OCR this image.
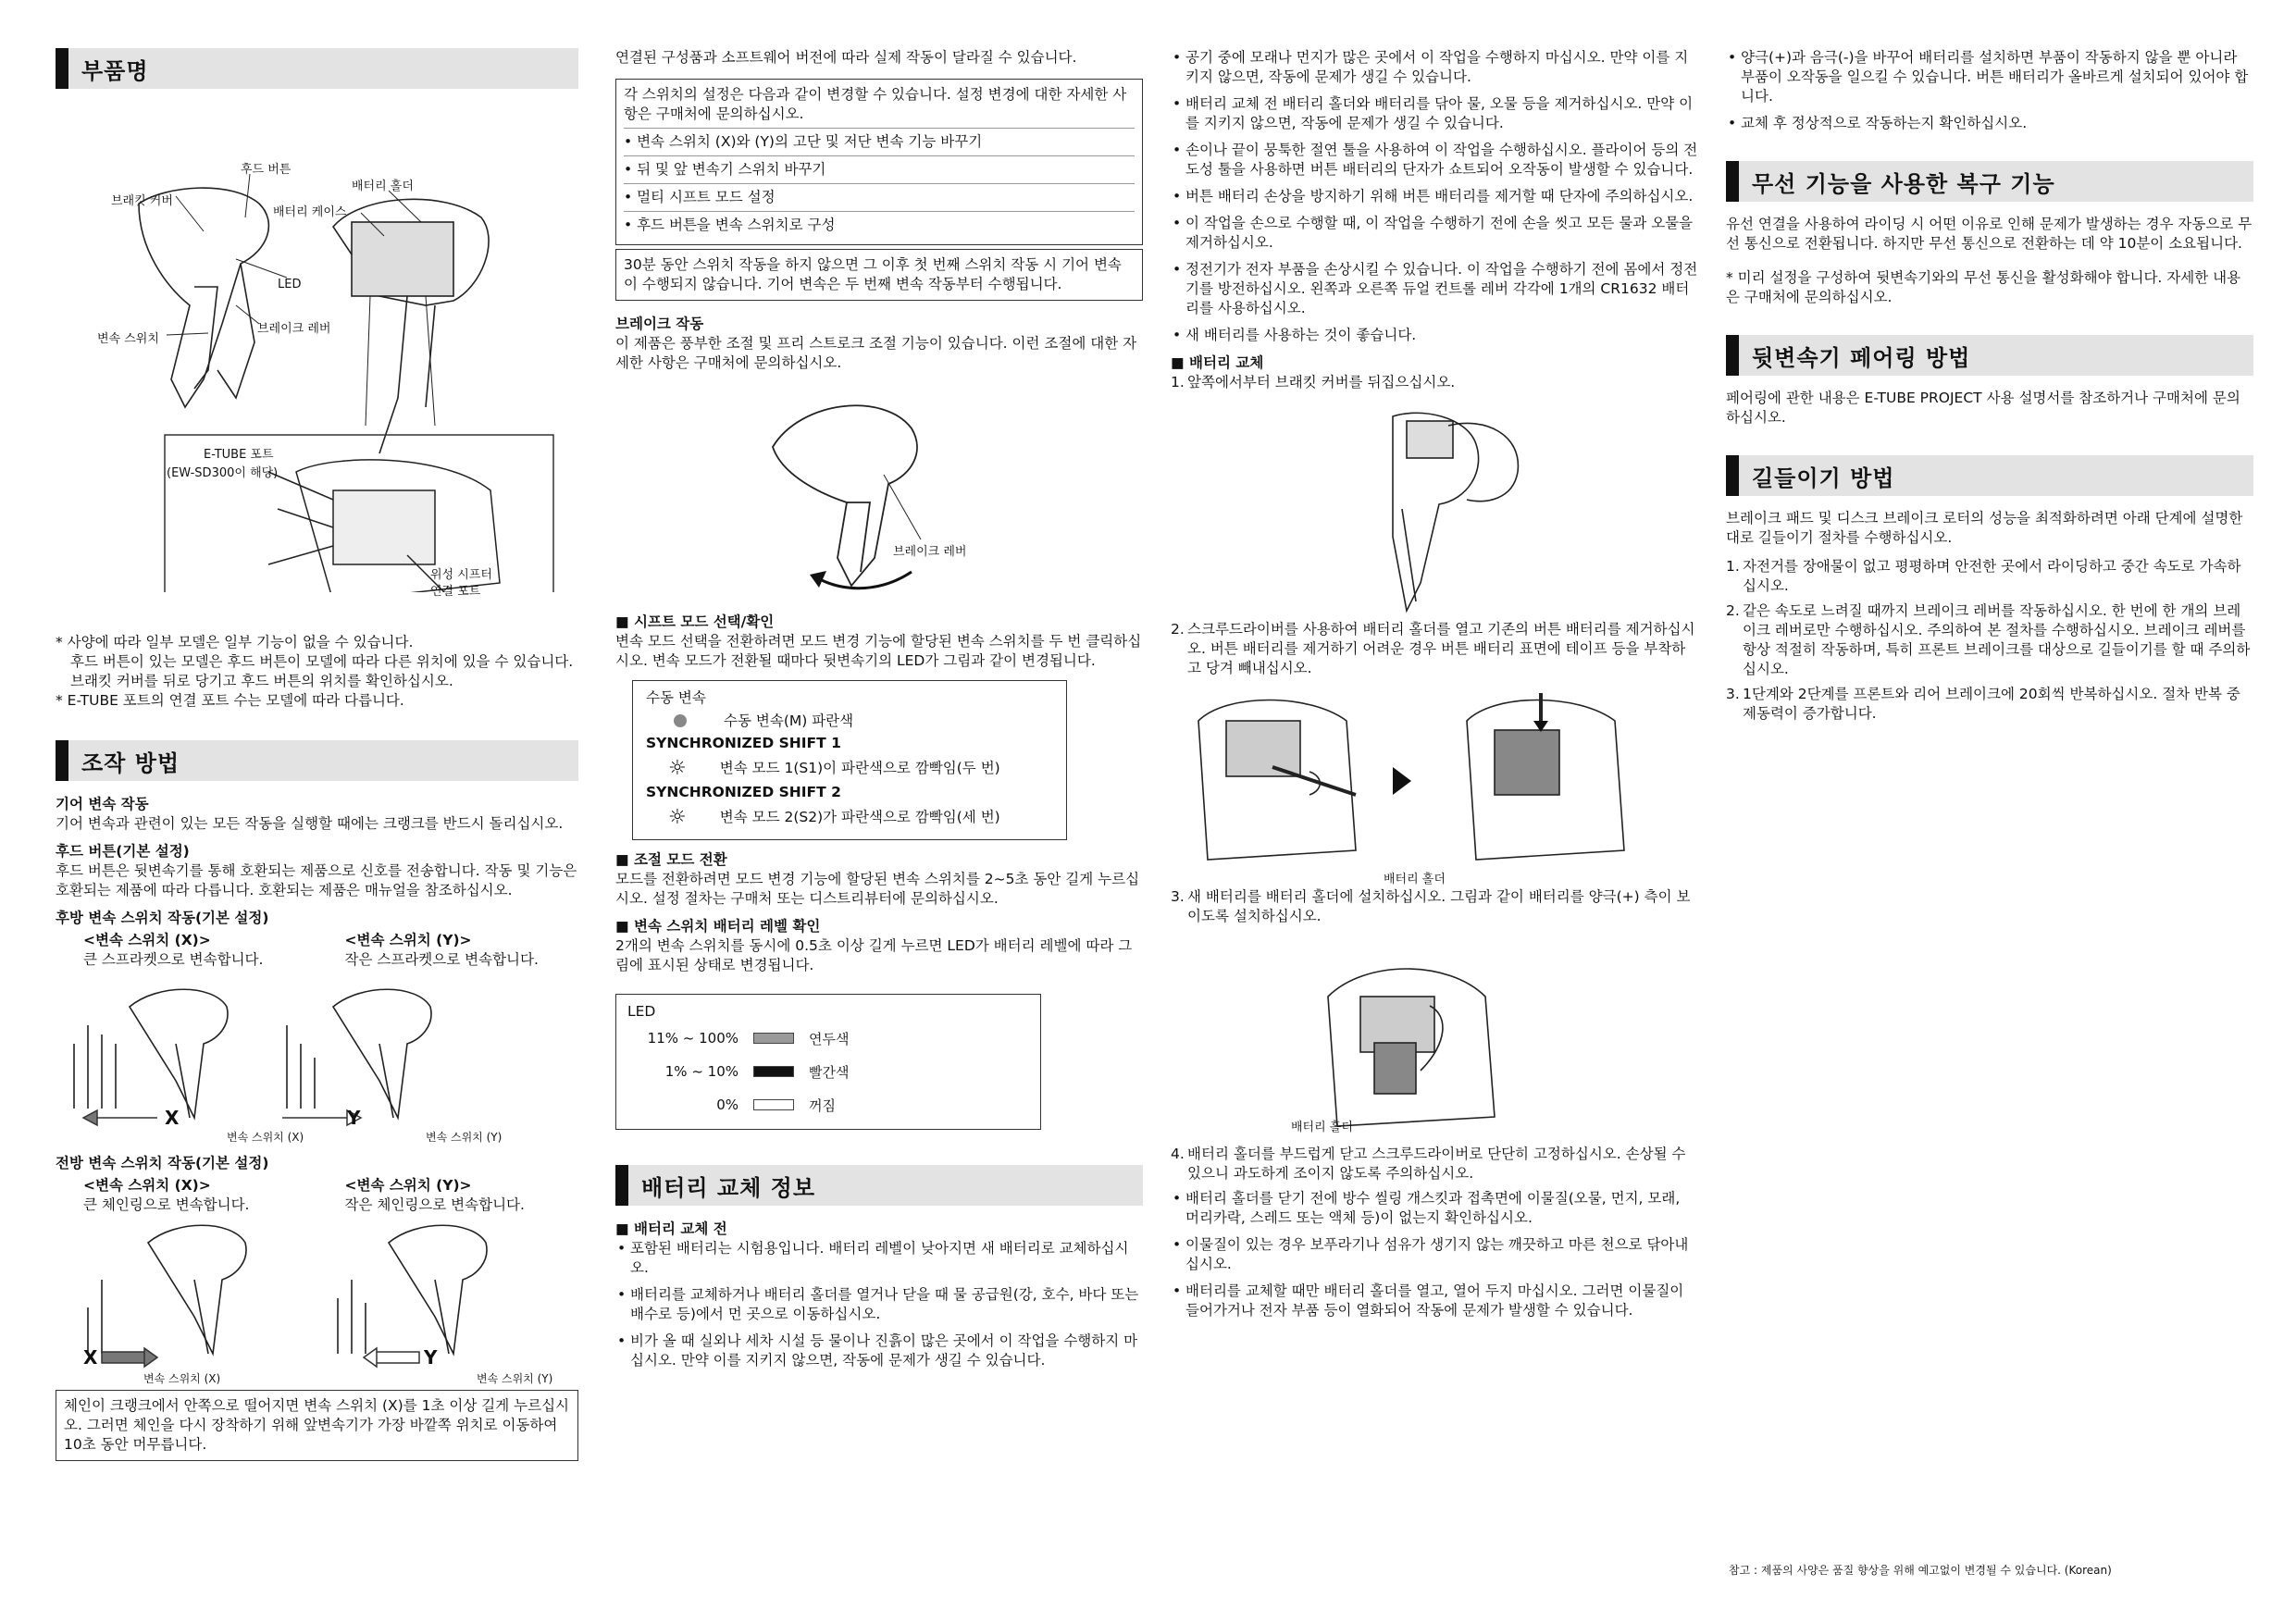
부품명
후드 버튼
배터리 홀더
브래킷 커버
배터리 케이스
LED
브레이크 레버
변속 스위치
E-TUBE 포트
(EW-SD300이 해당)
위성 시프터
연결 포트

* 사양에 따라 일부 모델은 일부 기능이 없을 수 있습니다.

후드 버튼이 있는 모델은 후드 버튼이 모델에 따라 다른 위치에 있을 수 있습니다. 브래킷 커버를 뒤로 당기고 후드 버튼의 위치를 확인하십시오.

* E-TUBE 포트의 연결 포트 수는 모델에 따라 다릅니다.

조작 방법
기어 변속 작동

기어 변속과 관련이 있는 모든 작동을 실행할 때에는 크랭크를 반드시 돌리십시오.

후드 버튼(기본 설정)

후드 버튼은 뒷변속기를 통해 호환되는 제품으로 신호를 전송합니다. 작동 및 기능은 호환되는 제품에 따라 다릅니다. 호환되는 제품은 매뉴얼을 참조하십시오.

후방 변속 스위치 작동(기본 설정)
<변속 스위치 (X)>

큰 스프라켓으로 변속합니다.

<변속 스위치 (Y)>

작은 스프라켓으로 변속합니다.

X	Y
변속 스위치 (X)	변속 스위치 (Y)
전방 변속 스위치 작동(기본 설정)
<변속 스위치 (X)>

큰 체인링으로 변속합니다.

<변속 스위치 (Y)>

작은 체인링으로 변속합니다.

X	Y
변속 스위치 (X)	변속 스위치 (Y)

체인이 크랭크에서 안쪽으로 떨어지면 변속 스위치 (X)를 1초 이상 길게 누르십시오. 그러면 체인을 다시 장착하기 위해 앞변속기가 가장 바깥쪽 위치로 이동하여 10초 동안 머무릅니다.

연결된 구성품과 소프트웨어 버전에 따라 실제 작동이 달라질 수 있습니다.

각 스위치의 설정은 다음과 같이 변경할 수 있습니다. 설정 변경에 대한 자세한 사항은 구매처에 문의하십시오.

• 변속 스위치 (X)와 (Y)의 고단 및 저단 변속 기능 바꾸기

• 뒤 및 앞 변속기 스위치 바꾸기

• 멀티 시프트 모드 설정

• 후드 버튼을 변속 스위치로 구성

30분 동안 스위치 작동을 하지 않으면 그 이후 첫 번째 스위치 작동 시 기어 변속이 수행되지 않습니다. 기어 변속은 두 번째 변속 작동부터 수행됩니다.

브레이크 작동

이 제품은 풍부한 조절 및 프리 스트로크 조절 기능이 있습니다. 이런 조절에 대한 자세한 사항은 구매처에 문의하십시오.

브레이크 레버
■ 시프트 모드 선택/확인

변속 모드 선택을 전환하려면 모드 변경 기능에 할당된 변속 스위치를 두 번 클릭하십시오. 변속 모드가 전환될 때마다 뒷변속기의 LED가 그림과 같이 변경됩니다.

수동 변속

수동 변속(M) 파란색

SYNCHRONIZED SHIFT 1

☼ 변속 모드 1(S1)이 파란색으로 깜빡임(두 번)

SYNCHRONIZED SHIFT 2

☼ 변속 모드 2(S2)가 파란색으로 깜빡임(세 번)

■ 조절 모드 전환

모드를 전환하려면 모드 변경 기능에 할당된 변속 스위치를 2~5초 동안 길게 누르십시오. 설정 절차는 구매처 또는 디스트리뷰터에 문의하십시오.

■ 변속 스위치 배터리 레벨 확인

2개의 변속 스위치를 동시에 0.5초 이상 길게 누르면 LED가 배터리 레벨에 따라 그림에 표시된 상태로 변경됩니다.

LED

11% ~ 100%	연두색
1% ~ 10%	빨간색
0%	꺼짐
배터리 교체 정보
■ 배터리 교체 전
• 포함된 배터리는 시험용입니다. 배터리 레벨이 낮아지면 새 배터리로 교체하십시오.
• 배터리를 교체하거나 배터리 홀더를 열거나 닫을 때 물 공급원(강, 호수, 바다 또는 배수로 등)에서 먼 곳으로 이동하십시오.
• 비가 올 때 실외나 세차 시설 등 물이나 진흙이 많은 곳에서 이 작업을 수행하지 마십시오. 만약 이를 지키지 않으면, 작동에 문제가 생길 수 있습니다.
• 공기 중에 모래나 먼지가 많은 곳에서 이 작업을 수행하지 마십시오. 만약 이를 지키지 않으면, 작동에 문제가 생길 수 있습니다.
• 배터리 교체 전 배터리 홀더와 배터리를 닦아 물, 오물 등을 제거하십시오. 만약 이를 지키지 않으면, 작동에 문제가 생길 수 있습니다.
• 손이나 끝이 뭉툭한 절연 툴을 사용하여 이 작업을 수행하십시오. 플라이어 등의 전도성 툴을 사용하면 버튼 배터리의 단자가 쇼트되어 오작동이 발생할 수 있습니다.
• 버튼 배터리 손상을 방지하기 위해 버튼 배터리를 제거할 때 단자에 주의하십시오.
• 이 작업을 손으로 수행할 때, 이 작업을 수행하기 전에 손을 씻고 모든 물과 오물을 제거하십시오.
• 정전기가 전자 부품을 손상시킬 수 있습니다. 이 작업을 수행하기 전에 몸에서 정전기를 방전하십시오. 왼쪽과 오른쪽 듀얼 컨트롤 레버 각각에 1개의 CR1632 배터리를 사용하십시오.
• 새 배터리를 사용하는 것이 좋습니다.
■ 배터리 교체
1. 앞쪽에서부터 브래킷 커버를 뒤집으십시오.
2. 스크루드라이버를 사용하여 배터리 홀더를 열고 기존의 버튼 배터리를 제거하십시오. 버튼 배터리를 제거하기 어려운 경우 버튼 배터리 표면에 테이프 등을 부착하고 당겨 빼내십시오.
배터리 홀더
3. 새 배터리를 배터리 홀더에 설치하십시오. 그림과 같이 배터리를 양극(+) 측이 보이도록 설치하십시오.
배터리 홀더
4. 배터리 홀더를 부드럽게 닫고 스크루드라이버로 단단히 고정하십시오. 손상될 수 있으니 과도하게 조이지 않도록 주의하십시오.
• 배터리 홀더를 닫기 전에 방수 씰링 개스킷과 접촉면에 이물질(오물, 먼지, 모래, 머리카락, 스레드 또는 액체 등)이 없는지 확인하십시오.
• 이물질이 있는 경우 보푸라기나 섬유가 생기지 않는 깨끗하고 마른 천으로 닦아내십시오.
• 배터리를 교체할 때만 배터리 홀더를 열고, 열어 두지 마십시오. 그러면 이물질이 들어가거나 전자 부품 등이 열화되어 작동에 문제가 발생할 수 있습니다.
• 양극(+)과 음극(-)을 바꾸어 배터리를 설치하면 부품이 작동하지 않을 뿐 아니라 부품이 오작동을 일으킬 수 있습니다. 버튼 배터리가 올바르게 설치되어 있어야 합니다.
• 교체 후 정상적으로 작동하는지 확인하십시오.
무선 기능을 사용한 복구 기능

유선 연결을 사용하여 라이딩 시 어떤 이유로 인해 문제가 발생하는 경우 자동으로 무선 통신으로 전환됩니다. 하지만 무선 통신으로 전환하는 데 약 10분이 소요됩니다.

* 미리 설정을 구성하여 뒷변속기와의 무선 통신을 활성화해야 합니다. 자세한 내용은 구매처에 문의하십시오.

뒷변속기 페어링 방법

페어링에 관한 내용은 E-TUBE PROJECT 사용 설명서를 참조하거나 구매처에 문의하십시오.

길들이기 방법

브레이크 패드 및 디스크 브레이크 로터의 성능을 최적화하려면 아래 단계에 설명한 대로 길들이기 절차를 수행하십시오.

1. 자전거를 장애물이 없고 평평하며 안전한 곳에서 라이딩하고 중간 속도로 가속하십시오.
2. 같은 속도로 느려질 때까지 브레이크 레버를 작동하십시오. 한 번에 한 개의 브레이크 레버로만 수행하십시오. 주의하여 본 절차를 수행하십시오. 브레이크 레버를 항상 적절히 작동하며, 특히 프론트 브레이크를 대상으로 길들이기를 할 때 주의하십시오.
3. 1단계와 2단계를 프론트와 리어 브레이크에 20회씩 반복하십시오. 절차 반복 중 제동력이 증가합니다.
참고 : 제품의 사양은 품질 향상을 위해 예고없이 변경될 수 있습니다. (Korean)
